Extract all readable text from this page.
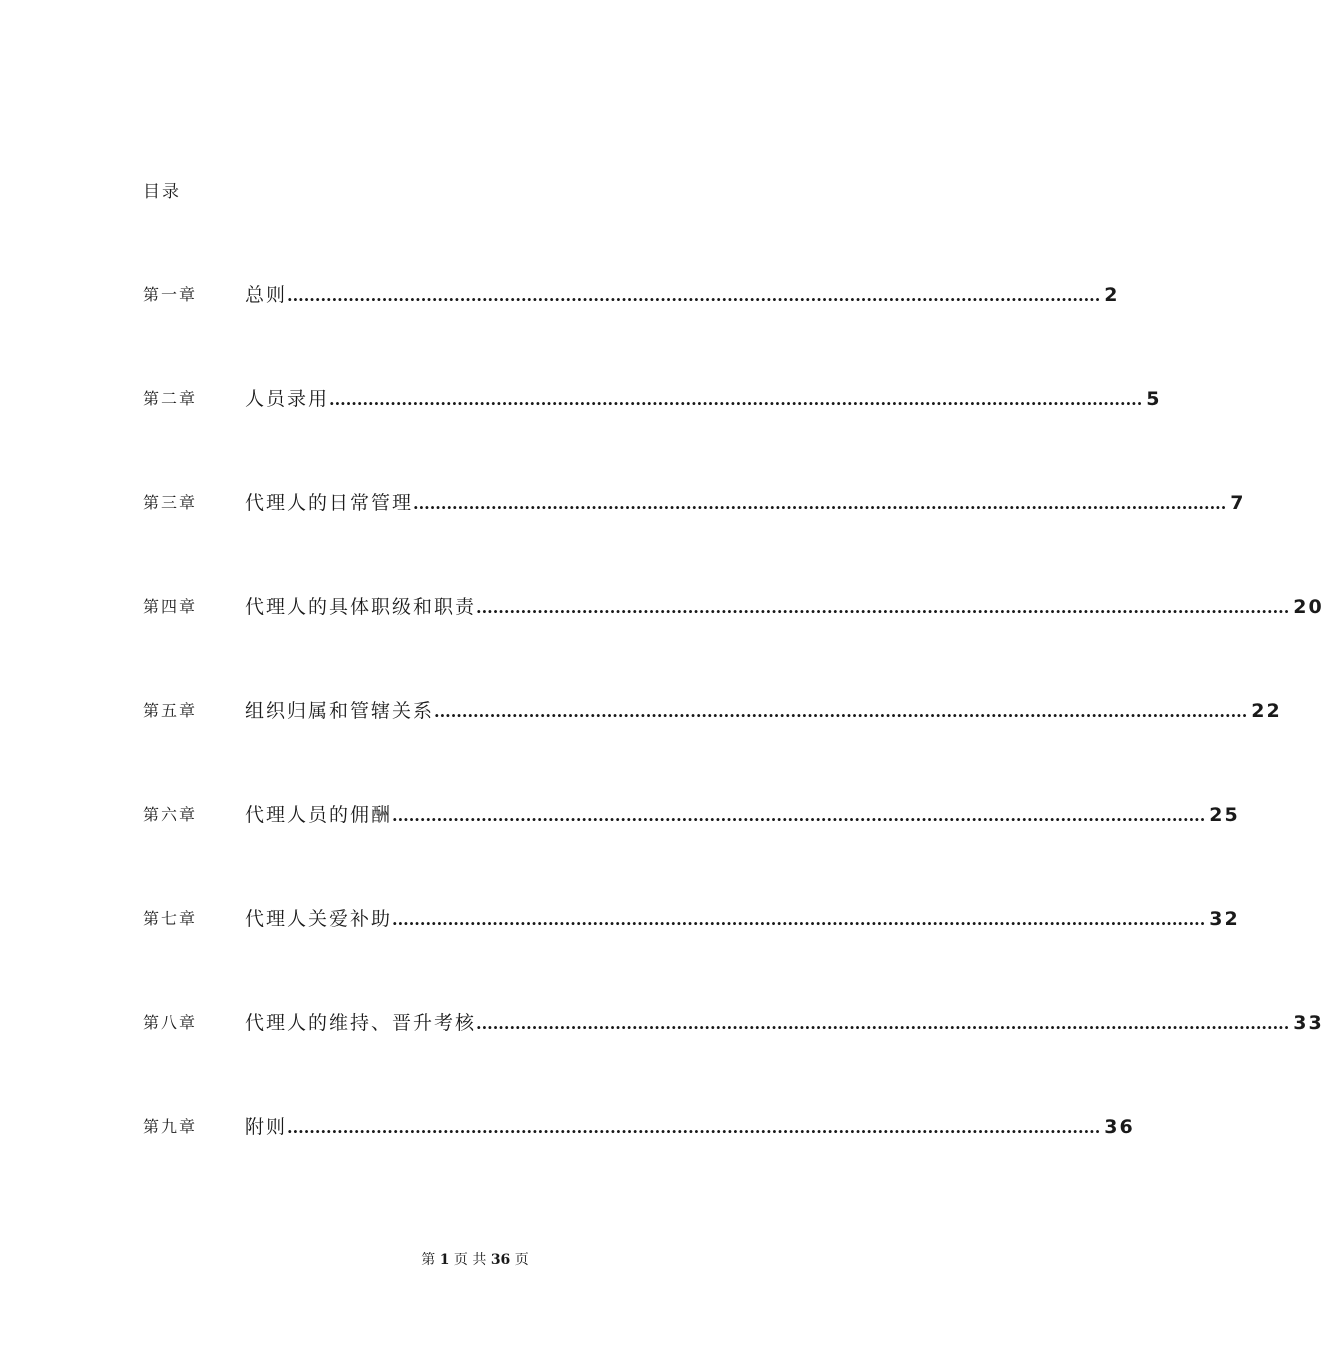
目录
第一章	总则 .................................................................................................................................................. 2
第二章	人员录用 .................................................................................................................................................. 5
第三章	代理人的日常管理 .................................................................................................................................................. 7
第四章	代理人的具体职级和职责 .................................................................................................................................................. 20
第五章	组织归属和管辖关系 .................................................................................................................................................. 22
第六章	代理人员的佣酬 .................................................................................................................................................. 25
第七章	代理人关爱补助 .................................................................................................................................................. 32
第八章	代理人的维持、晋升考核 .................................................................................................................................................. 33
第九章	附则 .................................................................................................................................................. 36
第 1 页 共 36 页
